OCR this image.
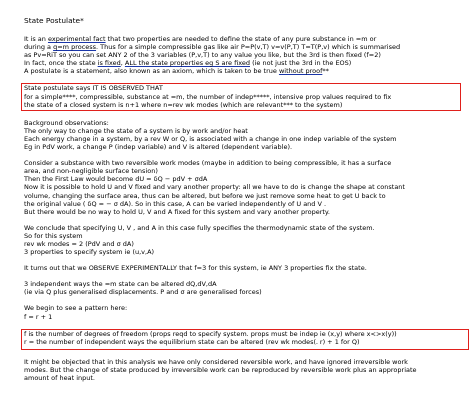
State Postulate*

It is an experimental fact that two properties are needed to define the state of any pure substance in =m or

during a q=m process. Thus for a simple compressible gas like air P=P(v,T) v=v(P,T) T=T(P,v) which is summarised

as Pv=RiT so you can set ANY 2 of the 3 variables (P,v,T) to any value you like, but the 3rd is then fixed (f=2)

In fact, once the state is fixed, ALL the state properties eg S are fixed (ie not just the 3rd in the EOS)

A postulate is a statement, also known as an axiom, which is taken to be true without proof**

State postulate says IT IS OBSERVED THAT

for a simple****, compressible, substance at =m, the number of indep*****, intensive prop values required to fix

the state of a closed system is n+1 where n=rev wk modes (which are relevant*** to the system)

Background observations:

The only way to change the state of a system is by work and/or heat

Each energy change in a system, by a rev W or Q, is associated with a change in one indep variable of the system

Eg in PdV work, a change P (indep variable) and V is altered (dependent variable).

Consider a substance with two reversible work modes (maybe in addition to being compressible, it has a surface

area, and non-negligible surface tension)

Then the First Law would become dU = δQ − pdV + σdA

Now it is possible to hold U and V fixed and vary another property: all we have to do is change the shape at constant

volume, changing the surface area, thus can be altered, but before we just remove some heat to get U back to

the original value ( δQ = − σ dA). So in this case, A can be varied independently of U and V .

But there would be no way to hold U, V and A fixed for this system and vary another property.

We conclude that specifying U, V , and A in this case fully specifies the thermodynamic state of the system.

So for this system

rev wk modes = 2 (PdV and σ dA)

3 properties to specify system ie (u,v,A)

It turns out that we OBSERVE EXPERIMENTALLY that f=3 for this system, ie ANY 3 properties fix the state.

3 independent ways the =m state can be altered dQ,dV,dA

(ie via Q plus generalised displacements. P and σ are generalised forces)

We begin to see a pattern here:

f = r + 1

f is the number of degrees of freedom (props reqd to specify system. props must be indep ie (x,y) where x<>x(y))

r = the number of independent ways the equilibrium state can be altered (rev wk $modes(_-$ r) + 1 for Q)

It might be objected that in this analysis we have only considered reversible work, and have ignored irreversible work

modes. But the change of state produced by irreversible work can be reproduced by reversible work plus an appropriate

amount of heat input.
